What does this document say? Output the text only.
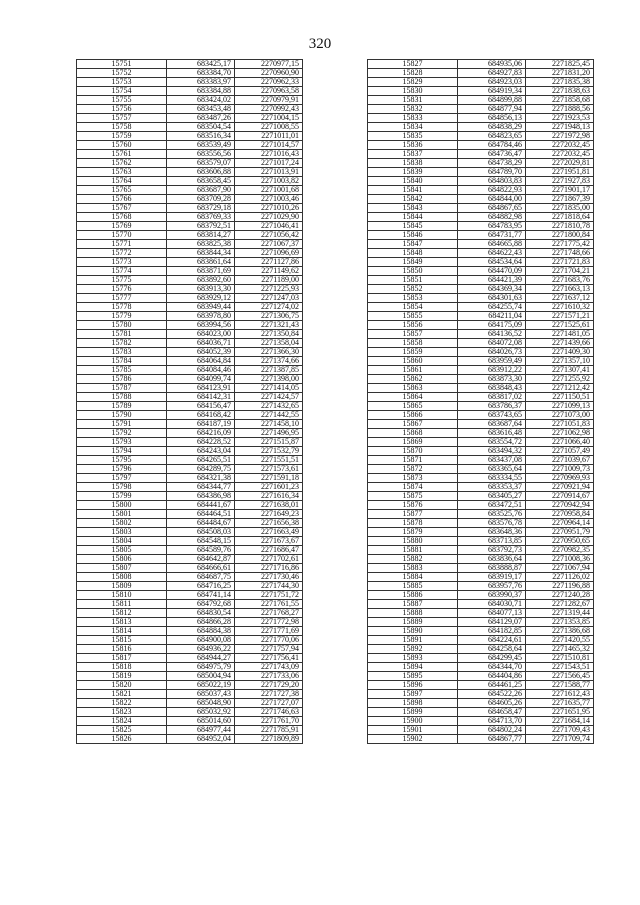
320
15751	683425,17	2270977,15
15752	683384,70	2270960,90
15753	683383,97	2270962,33
15754	683384,88	2270963,58
15755	683424,02	2270979,91
15756	683453,48	2270992,43
15757	683487,26	2271004,15
15758	683504,54	2271008,55
15759	683516,34	2271011,01
15760	683539,49	2271014,57
15761	683556,56	2271016,43
15762	683579,07	2271017,24
15763	683606,88	2271013,91
15764	683658,45	2271003,82
15765	683687,90	2271001,68
15766	683709,28	2271003,46
15767	683729,18	2271010,26
15768	683769,33	2271029,90
15769	683792,51	2271046,41
15770	683814,27	2271056,42
15771	683825,38	2271067,37
15772	683844,34	2271096,69
15773	683861,64	2271127,86
15774	683871,69	2271149,62
15775	683892,60	2271189,00
15776	683913,30	2271225,93
15777	683929,12	2271247,03
15778	683949,44	2271274,02
15779	683978,80	2271306,75
15780	683994,56	2271321,43
15781	684023,00	2271350,84
15782	684036,71	2271358,04
15783	684052,39	2271366,30
15784	684064,84	2271374,66
15785	684084,46	2271387,85
15786	684099,74	2271398,00
15787	684123,91	2271414,05
15788	684142,31	2271424,57
15789	684156,47	2271432,65
15790	684168,42	2271442,55
15791	684187,19	2271458,10
15792	684216,09	2271496,95
15793	684228,52	2271515,87
15794	684243,04	2271532,79
15795	684265,51	2271551,51
15796	684289,75	2271573,61
15797	684321,38	2271591,18
15798	684344,77	2271601,23
15799	684386,98	2271616,34
15800	684441,67	2271638,01
15801	684464,51	2271649,23
15802	684484,67	2271656,38
15803	684508,03	2271663,49
15804	684548,15	2271673,67
15805	684589,76	2271686,47
15806	684642,87	2271702,61
15807	684666,61	2271716,86
15808	684687,75	2271730,46
15809	684716,25	2271744,30
15810	684741,14	2271751,72
15811	684792,68	2271761,55
15812	684830,54	2271768,27
15813	684866,28	2271772,98
15814	684884,38	2271771,69
15815	684900,08	2271770,06
15816	684936,22	2271757,94
15817	684944,27	2271756,41
15818	684975,79	2271743,09
15819	685004,94	2271733,06
15820	685022,19	2271729,20
15821	685037,43	2271727,38
15822	685048,90	2271727,07
15823	685032,92	2271746,63
15824	685014,60	2271761,70
15825	684977,44	2271785,91
15826	684952,04	2271809,89
15827	684935,06	2271825,45
15828	684927,83	2271831,20
15829	684923,03	2271835,38
15830	684919,34	2271838,63
15831	684899,88	2271858,68
15832	684877,94	2271888,56
15833	684856,13	2271923,53
15834	684838,29	2271948,13
15835	684823,65	2271972,98
15836	684784,46	2272032,45
15837	684736,47	2272032,45
15838	684738,29	2272029,81
15839	684789,70	2271951,81
15840	684803,83	2271927,83
15841	684822,93	2271901,17
15842	684844,00	2271867,39
15843	684867,65	2271835,00
15844	684882,98	2271818,64
15845	684783,95	2271810,78
15846	684731,77	2271800,84
15847	684665,88	2271775,42
15848	684622,43	2271748,66
15849	684534,64	2271721,83
15850	684470,09	2271704,21
15851	684421,39	2271683,76
15852	684369,34	2271663,13
15853	684301,63	2271637,12
15854	684255,74	2271610,32
15855	684211,04	2271571,21
15856	684175,09	2271525,61
15857	684136,52	2271481,05
15858	684072,08	2271439,66
15859	684026,73	2271409,30
15860	683959,49	2271357,10
15861	683912,22	2271307,41
15862	683873,30	2271255,92
15863	683848,43	2271212,42
15864	683817,02	2271150,51
15865	683786,37	2271099,13
15866	683743,65	2271073,00
15867	683687,64	2271051,83
15868	683616,48	2271062,98
15869	683554,72	2271066,40
15870	683494,32	2271057,49
15871	683437,08	2271039,67
15872	683365,64	2271009,73
15873	683334,55	2270969,93
15874	683353,37	2270921,94
15875	683405,27	2270914,67
15876	683472,51	2270942,94
15877	683525,76	2270958,84
15878	683576,78	2270964,14
15879	683648,36	2270951,79
15880	683713,85	2270950,65
15881	683792,73	2270982,35
15882	683836,64	2271008,36
15883	683888,87	2271067,94
15884	683919,17	2271126,02
15885	683957,76	2271196,88
15886	683990,37	2271240,28
15887	684030,71	2271282,67
15888	684077,13	2271319,44
15889	684129,07	2271353,85
15890	684182,85	2271386,68
15891	684224,61	2271420,55
15892	684258,64	2271465,32
15893	684299,45	2271510,81
15894	684344,70	2271543,51
15895	684404,86	2271566,45
15896	684461,25	2271588,77
15897	684522,26	2271612,43
15898	684605,26	2271635,77
15899	684658,47	2271651,95
15900	684713,70	2271684,14
15901	684802,24	2271709,43
15902	684867,77	2271709,74
